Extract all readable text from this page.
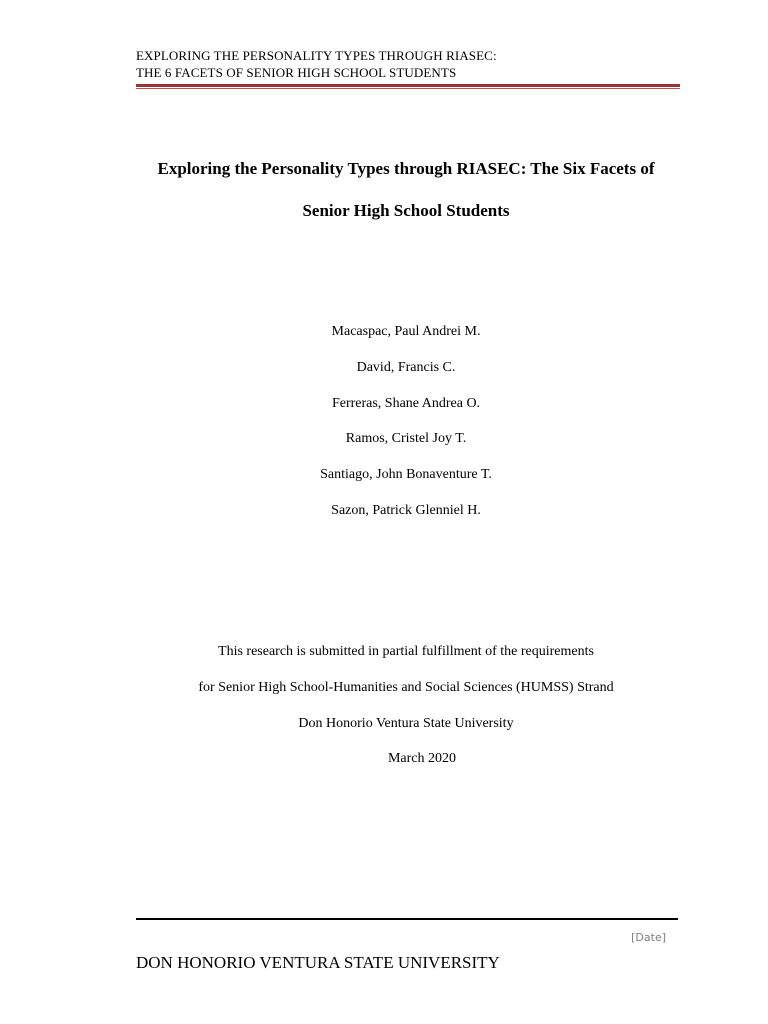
EXPLORING THE PERSONALITY TYPES THROUGH RIASEC:
THE 6 FACETS OF SENIOR HIGH SCHOOL STUDENTS
Exploring the Personality Types through RIASEC: The Six Facets of
Senior High School Students
Macaspac, Paul Andrei M.
David, Francis C.
Ferreras, Shane Andrea O.
Ramos, Cristel Joy T.
Santiago, John Bonaventure T.
Sazon, Patrick Glenniel H.
This research is submitted in partial fulfillment of the requirements
for Senior High School-Humanities and Social Sciences (HUMSS) Strand
Don Honorio Ventura State University
March 2020
[Date]
DON HONORIO VENTURA STATE UNIVERSITY
